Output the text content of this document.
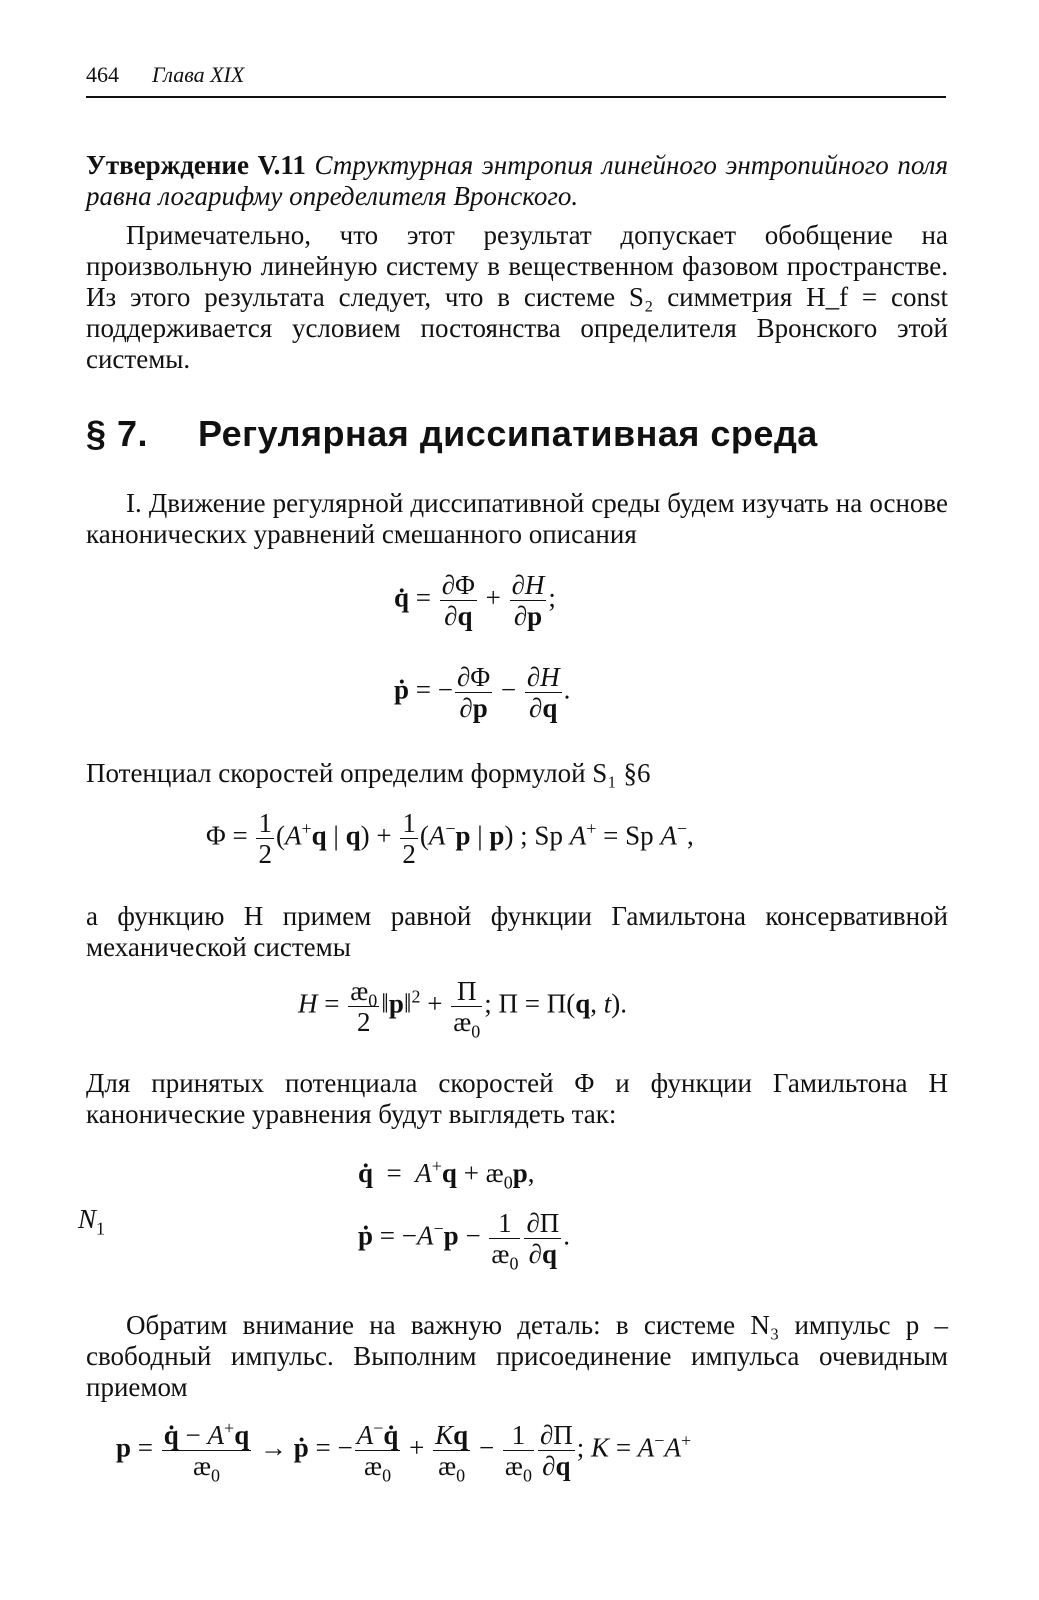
464 Глава XIX
Утверждение V.11 Структурная энтропия линейного энтропийного поля равна логарифму определителя Вронского.
Примечательно, что этот результат допускает обобщение на произвольную линейную систему в вещественном фазовом пространстве. Из этого результата следует, что в системе S₂ симметрия H_f = const поддерживается условием постоянства определителя Вронского этой системы.
§ 7. Регулярная диссипативная среда
I. Движение регулярной диссипативной среды будем изучать на основе канонических уравнений смешанного описания
q̇ = $\frac{\partial\Phi}{\partial q} + \frac{\partial H}{\partial p}$ ;
ṗ = − $\frac{\partial\Phi}{\partial p} - \frac{\partial H}{\partial q}$ .
Потенциал скоростей определим формулой S₁ §6
$\Phi = \frac{1}{2} (A^+q$ | $q) + \frac{1}{2} (A^-p$ | p) ; Sp A+ = Sp A−,
а функцию H примем равной функции Гамильтона консервативной механической системы
$H = \frac{æ_0}{2}$ ‖p‖$^2$ + $\frac{\Pi}{æ_0}$ ; Π = Π(q, t).
Для принятых потенциала скоростей Φ и функции Гамильтона H канонические уравнения будут выглядеть так:
q̇  =  $A^+q + æ_0p$,
$N_1$	ṗ = $-A^-p - \frac{1}{æ_0} \frac{\partial\Pi}{\partial q}$ .
Обратим внимание на важную деталь: в системе N₃ импульс p – свободный импульс. Выполним присоединение импульса очевидным приемом
$p = \frac{q̇ - A^+q}{æ_0}$ → ṗ = − $\frac{A^-q̇}{æ_0} + \frac{Kq}{æ_0} - \frac{1}{æ_0} \frac{\partial\Pi}{\partial q}$ ; K = A−A+
